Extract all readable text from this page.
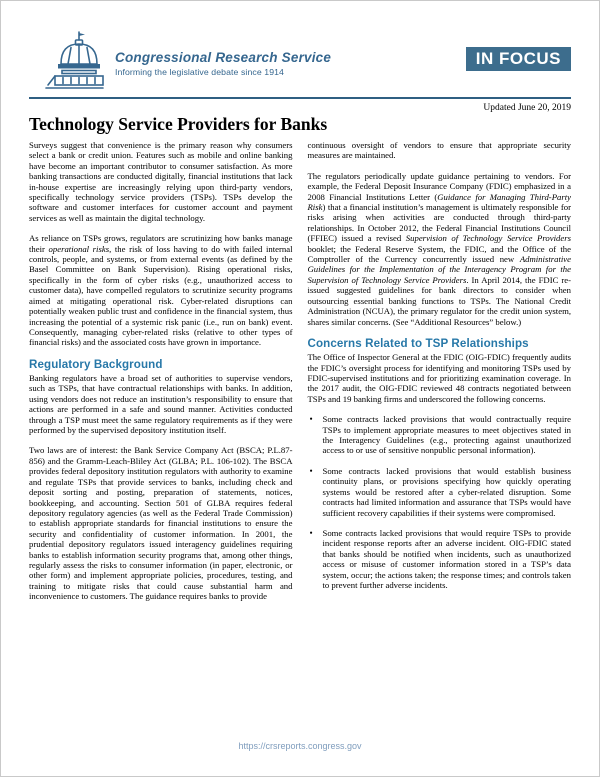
Congressional Research Service
Informing the legislative debate since 1914
IN FOCUS
Updated June 20, 2019
Technology Service Providers for Banks

Surveys suggest that convenience is the primary reason why consumers select a bank or credit union. Features such as mobile and online banking have become an important contributor to consumer satisfaction. As more banking transactions are conducted digitally, financial institutions that lack in-house expertise are increasingly relying upon third-party vendors, specifically technology service providers (TSPs). TSPs develop the software and customer interfaces for customer account and payment services as well as maintain the digital technology.

As reliance on TSPs grows, regulators are scrutinizing how banks manage their operational risks, the risk of loss having to do with failed internal controls, people, and systems, or from external events (as defined by the Basel Committee on Bank Supervision). Rising operational risks, specifically in the form of cyber risks (e.g., unauthorized access to customer data), have compelled regulators to scrutinize security programs aimed at mitigating operational risk. Cyber-related disruptions can potentially weaken public trust and confidence in the financial system, thus increasing the potential of a systemic risk panic (i.e., run on bank) event. Consequently, managing cyber-related risks (relative to other types of financial risks) and the associated costs have grown in importance.

Regulatory Background

Banking regulators have a broad set of authorities to supervise vendors, such as TSPs, that have contractual relationships with banks. In addition, using vendors does not reduce an institution’s responsibility to ensure that actions are performed in a safe and sound manner. Activities conducted through a TSP must meet the same regulatory requirements as if they were performed by the supervised depository institution itself.

Two laws are of interest: the Bank Service Company Act (BSCA; P.L.87-856) and the Gramm-Leach-Bliley Act (GLBA; P.L. 106-102). The BSCA provides federal depository institution regulators with authority to examine and regulate TSPs that provide services to banks, including check and deposit sorting and posting, preparation of statements, notices, bookkeeping, and accounting. Section 501 of GLBA requires federal depository regulatory agencies (as well as the Federal Trade Commission) to establish appropriate standards for financial institutions to ensure the security and confidentiality of customer information. In 2001, the prudential depository regulators issued interagency guidelines requiring banks to establish information security programs that, among other things, regularly assess the risks to consumer information (in paper, electronic, or other form) and implement appropriate policies, procedures, testing, and training to mitigate risks that could cause substantial harm and inconvenience to customers. The guidance requires banks to provide

continuous oversight of vendors to ensure that appropriate security measures are maintained.

The regulators periodically update guidance pertaining to vendors. For example, the Federal Deposit Insurance Company (FDIC) emphasized in a 2008 Financial Institutions Letter (Guidance for Managing Third-Party Risk) that a financial institution’s management is ultimately responsible for risks arising when activities are conducted through third-party relationships. In October 2012, the Federal Financial Institutions Council (FFIEC) issued a revised Supervision of Technology Service Providers booklet; the Federal Reserve System, the FDIC, and the Office of the Comptroller of the Currency concurrently issued new Administrative Guidelines for the Implementation of the Interagency Program for the Supervision of Technology Service Providers. In April 2014, the FDIC re-issued suggested guidelines for bank directors to consider when outsourcing essential banking functions to TSPs. The National Credit Administration (NCUA), the primary regulator for the credit union system, shares similar concerns. (See “Additional Resources” below.)

Concerns Related to TSP Relationships

The Office of Inspector General at the FDIC (OIG-FDIC) frequently audits the FDIC’s oversight process for identifying and monitoring TSPs used by FDIC-supervised institutions and for prioritizing examination coverage. In the 2017 audit, the OIG-FDIC reviewed 48 contracts negotiated between TSPs and 19 banking firms and underscored the following concerns.

• Some contracts lacked provisions that would contractually require TSPs to implement appropriate measures to meet objectives stated in the Interagency Guidelines (e.g., protecting against unauthorized access to or use of sensitive nonpublic personal information).

• Some contracts lacked provisions that would establish business continuity plans, or provisions specifying how quickly operating systems would be restored after a cyber-related disruption. Some contracts had limited information and assurance that TSPs would have sufficient recovery capabilities if their systems were compromised.

• Some contracts lacked provisions that would require TSPs to provide incident response reports after an adverse incident. OIG-FDIC stated that banks should be notified when incidents, such as unauthorized access or misuse of customer information stored in a TSP’s data system, occur; the actions taken; the response times; and controls taken to prevent further adverse incidents.

https://crsreports.congress.gov
